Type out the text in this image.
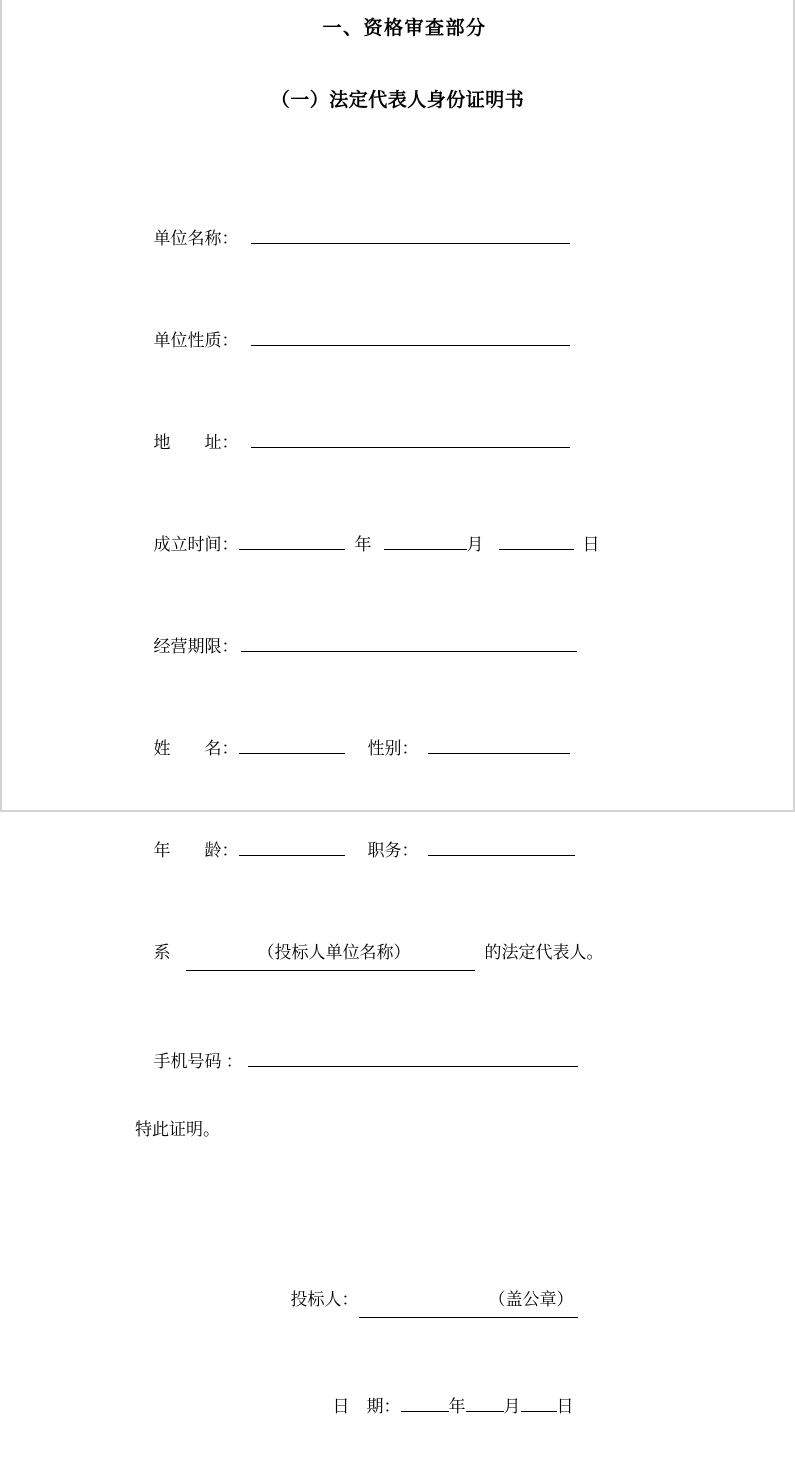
一、资格审查部分
（一）法定代表人身份证明书

单位名称：

单位性质：

地　　址：

成立时间：	年	月	日

经营期限：

姓　　名：	性别：

年　　龄：	职务：

系	（投标人单位名称）	的法定代表人。

手机号码 ：

特此证明。

投标人：	（盖公章）

日　期：	年 月 日
